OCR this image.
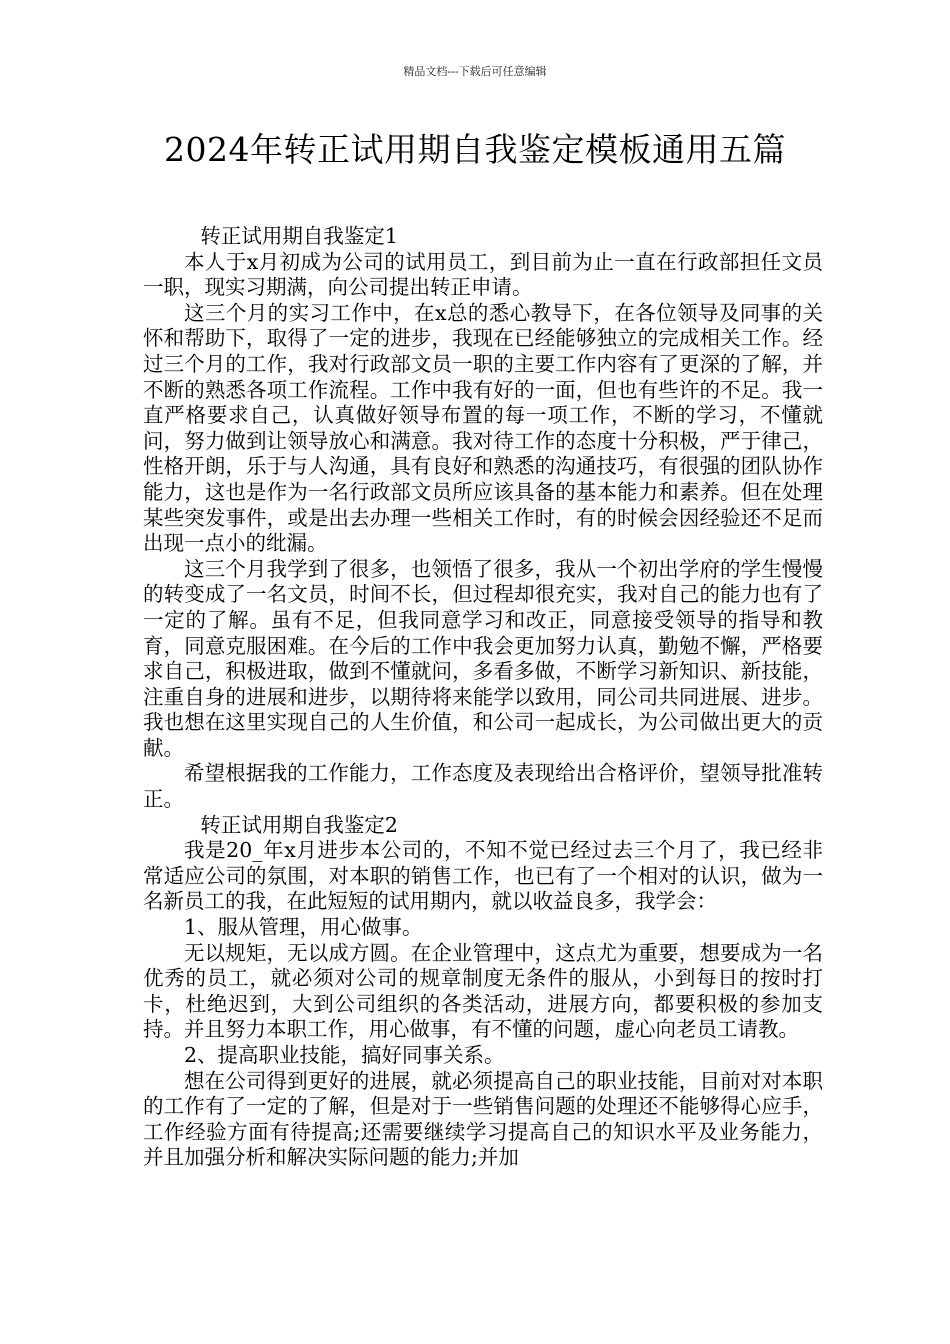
精品文档---下载后可任意编辑
2024年转正试用期自我鉴定模板通用五篇

转正试用期自我鉴定1

本人于x月初成为公司的试用员工，到目前为止一直在行政部担任文员一职，现实习期满，向公司提出转正申请。

这三个月的实习工作中，在x总的悉心教导下，在各位领导及同事的关怀和帮助下，取得了一定的进步，我现在已经能够独立的完成相关工作。经过三个月的工作，我对行政部文员一职的主要工作内容有了更深的了解，并不断的熟悉各项工作流程。工作中我有好的一面，但也有些许的不足。我一直严格要求自己，认真做好领导布置的每一项工作，不断的学习，不懂就问，努力做到让领导放心和满意。我对待工作的态度十分积极，严于律己，性格开朗，乐于与人沟通，具有良好和熟悉的沟通技巧，有很强的团队协作能力，这也是作为一名行政部文员所应该具备的基本能力和素养。但在处理某些突发事件，或是出去办理一些相关工作时，有的时候会因经验还不足而出现一点小的纰漏。

这三个月我学到了很多，也领悟了很多，我从一个初出学府的学生慢慢的转变成了一名文员，时间不长，但过程却很充实，我对自己的能力也有了一定的了解。虽有不足，但我同意学习和改正，同意接受领导的指导和教育，同意克服困难。在今后的工作中我会更加努力认真，勤勉不懈，严格要求自己，积极进取，做到不懂就问，多看多做，不断学习新知识、新技能，注重自身的进展和进步，以期待将来能学以致用，同公司共同进展、进步。我也想在这里实现自己的人生价值，和公司一起成长，为公司做出更大的贡献。

希望根据我的工作能力，工作态度及表现给出合格评价，望领导批准转正。

转正试用期自我鉴定2

我是20_年x月进步本公司的，不知不觉已经过去三个月了，我已经非常适应公司的氛围，对本职的销售工作，也已有了一个相对的认识，做为一名新员工的我，在此短短的试用期内，就以收益良多，我学会：

1、服从管理，用心做事。

无以规矩，无以成方圆。在企业管理中，这点尤为重要，想要成为一名优秀的员工，就必须对公司的规章制度无条件的服从，小到每日的按时打卡，杜绝迟到，大到公司组织的各类活动，进展方向，都要积极的参加支持。并且努力本职工作，用心做事，有不懂的问题，虚心向老员工请教。

2、提高职业技能，搞好同事关系。

想在公司得到更好的进展，就必须提高自己的职业技能，目前对对本职的工作有了一定的了解，但是对于一些销售问题的处理还不能够得心应手，工作经验方面有待提高;还需要继续学习提高自己的知识水平及业务能力，并且加强分析和解决实际问题的能力;并加
